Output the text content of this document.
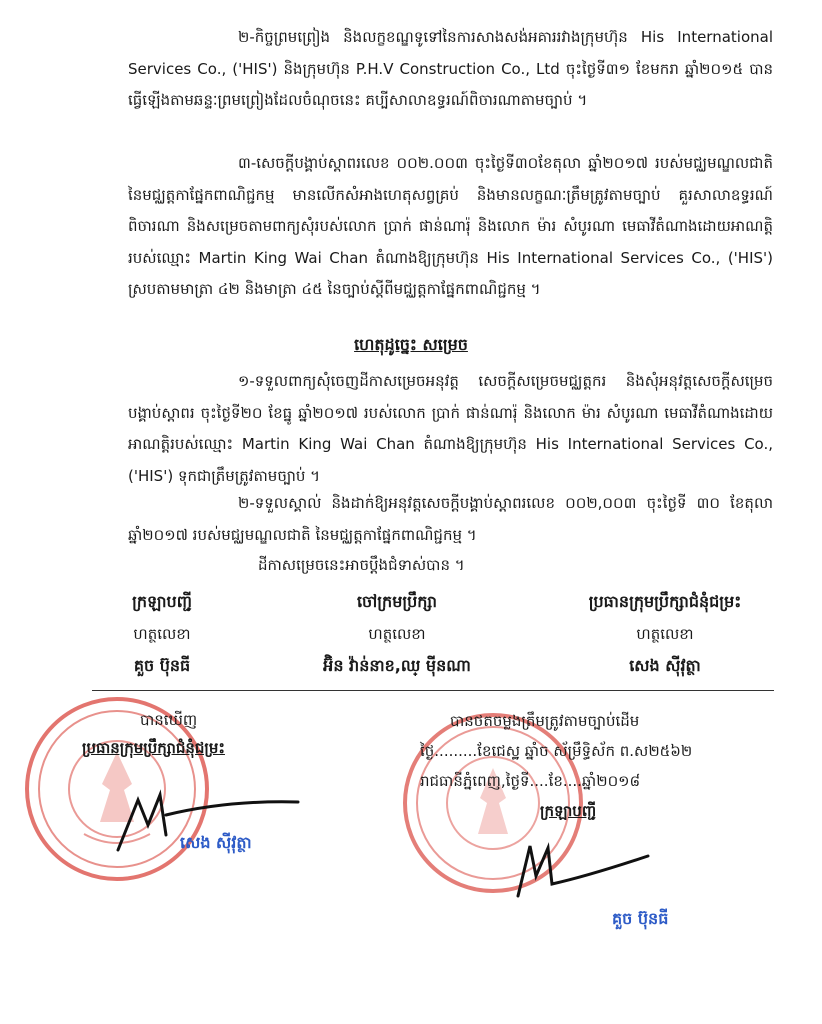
២-កិច្ចព្រមព្រៀង និងលក្ខខណ្ឌទូទៅនៃការសាងសង់អគាររវាងក្រុមហ៊ុន His International Services Co., ('HIS') និងក្រុមហ៊ុន P.H.V Construction Co., Ltd ចុះថ្ងៃទី៣១ ខែមករា ឆ្នាំ២០១៥ បានធ្វើឡើងតាមឆន្ទៈព្រមព្រៀងដែលចំណុចនេះ គប្បីសាលាឧទ្ធរណ៍ពិចារណាតាមច្បាប់ ។
៣-សេចក្តីបង្គាប់ស្តាពរលេខ ០០២.០០៣ ចុះថ្ងៃទី៣០ខែតុលា ឆ្នាំ២០១៧ របស់មជ្ឈមណ្ឌលជាតិនៃមជ្ឈត្តកាផ្នែកពាណិជ្ជកម្ម មានលើកសំអាងហេតុសព្វគ្រប់ និងមានលក្ខណៈត្រឹមត្រូវតាមច្បាប់ គួរសាលាឧទ្ធរណ៍ពិចារណា និងសម្រេចតាមពាក្យសុំរបស់លោក ប្រាក់ ផាន់ណារ៉ុ និងលោក ម៉ារ សំបូរណា មេធាវីតំណាងដោយអាណត្តិរបស់ឈ្មោះ Martin King Wai Chan តំណាងឱ្យក្រុមហ៊ុន His International Services Co., ('HIS') ស្របតាមមាត្រា ៤២ និងមាត្រា ៤៥ នៃច្បាប់ស្តីពីមជ្ឈត្តកាផ្នែកពាណិជ្ជកម្ម ។
ហេតុដូច្នេះ សម្រេច
១-ទទួលពាក្យសុំចេញដីកាសម្រេចអនុវត្ត សេចក្តីសម្រេចមជ្ឈត្តករ និងសុំអនុវត្តសេចក្តីសម្រេចបង្គាប់ស្តាពរ ចុះថ្ងៃទី២០ ខែធ្នូ ឆ្នាំ២០១៧ របស់លោក ប្រាក់ ផាន់ណារ៉ុ និងលោក ម៉ារ សំបូរណា មេធាវីតំណាងដោយអាណត្តិរបស់ឈ្មោះ Martin King Wai Chan តំណាងឱ្យក្រុមហ៊ុន His International Services Co., ('HIS') ទុកជាត្រឹមត្រូវតាមច្បាប់ ។
២-ទទួលស្គាល់ និងដាក់ឱ្យអនុវត្តសេចក្តីបង្គាប់ស្តាពរលេខ ០០២,០០៣ ចុះថ្ងៃទី ៣០ ខែតុលា ឆ្នាំ២០១៧ របស់មជ្ឈមណ្ឌលជាតិ នៃមជ្ឈត្តកាផ្នែកពាណិជ្ជកម្ម ។
ដីកាសម្រេចនេះអាចប្តឹងជំទាស់បាន ។
ក្រឡាបញ្ជី
ហត្ថលេខា
គួច ប៊ុនធី
ចៅក្រមប្រឹក្សា
ហត្ថលេខា
អ៊ិន វ៉ាន់នាខ,ឈ្ មុីនណា
ប្រធានក្រុមប្រឹក្សាជំនុំជម្រះ
ហត្ថលេខា
សេង ស៊ីវុត្ថា
បានឃើញ
ប្រធានក្រុមប្រឹក្សាជំនុំជម្រះ
សេង ស៊ីវុត្ថា
បានថតចម្លងត្រឹមត្រូវតាមច្បាប់ដើម
ថ្ងៃ.........ខែជេស្ឋ ឆ្នាំច ស័ម្រឹទ្ធិស័ក ព.ស២៥៦២
រាជធានីភ្នំពេញ,ថ្ងៃទី....ខែ....ឆ្នាំ២០១៨
ក្រឡាបញ្ជី
គួច ប៊ុនធី
